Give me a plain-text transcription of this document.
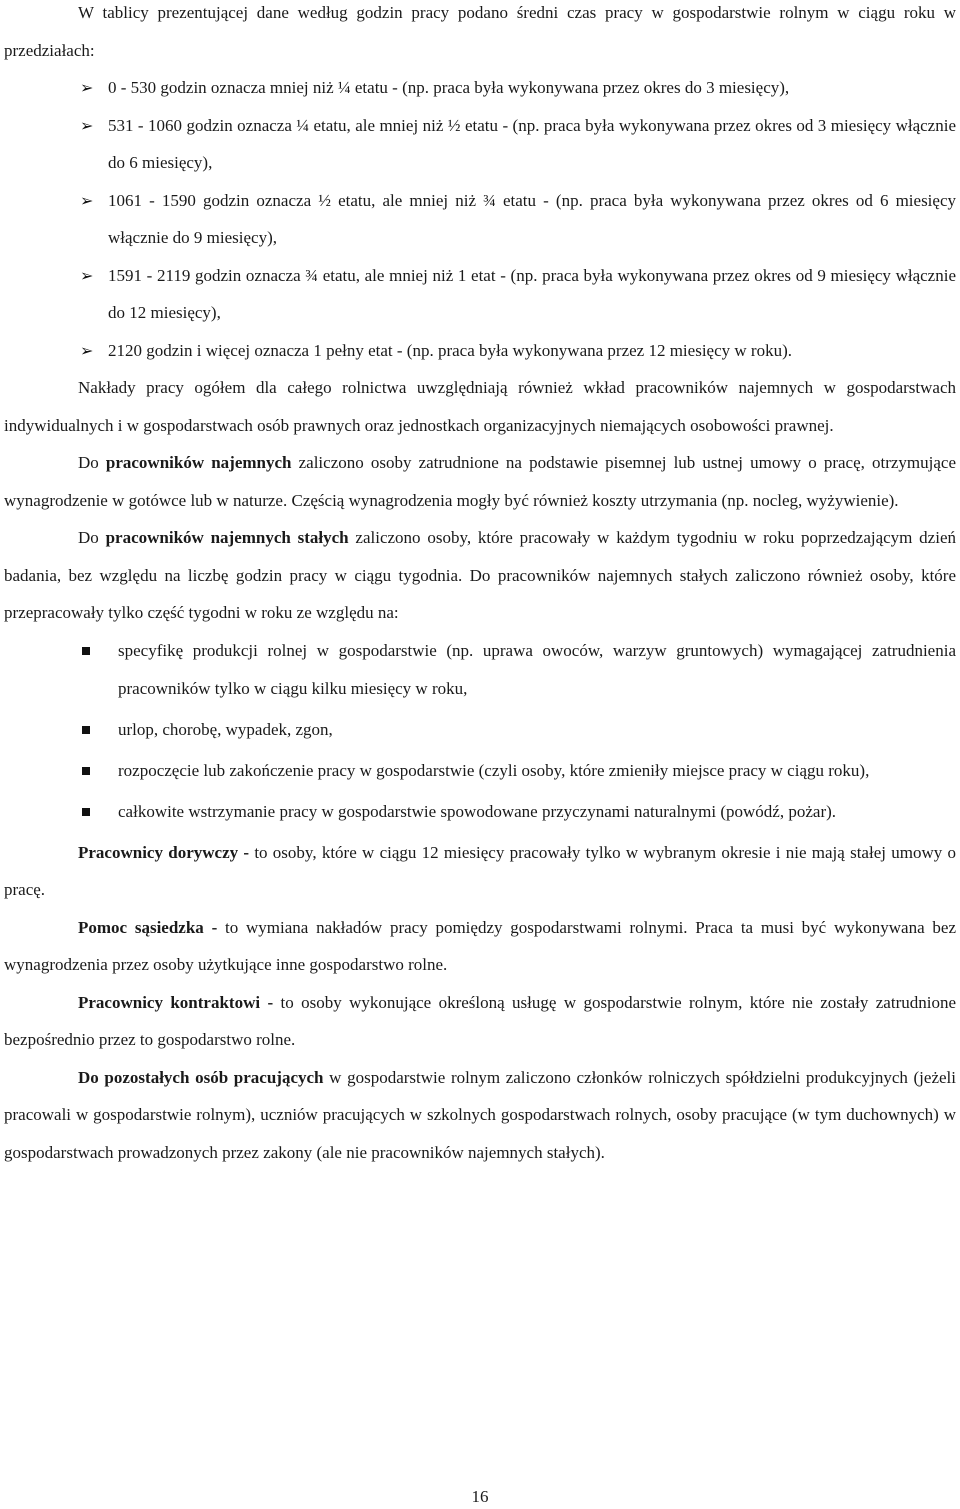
W tablicy prezentującej dane według godzin pracy podano średni czas pracy w gospodarstwie rolnym w ciągu roku w przedziałach:

➢ 0 - 530 godzin oznacza mniej niż ¼ etatu - (np. praca była wykonywana przez okres do 3 miesięcy),
➢ 531 - 1060 godzin oznacza ¼ etatu, ale mniej niż ½ etatu - (np. praca była wykonywana przez okres od 3 miesięcy włącznie do 6 miesięcy),
➢ 1061 - 1590 godzin oznacza ½ etatu, ale mniej niż ¾ etatu - (np. praca była wykonywana przez okres od 6 miesięcy włącznie do 9 miesięcy),
➢ 1591 - 2119 godzin oznacza ¾ etatu, ale mniej niż 1 etat - (np. praca była wykonywana przez okres od 9 miesięcy włącznie do 12 miesięcy),
➢ 2120 godzin i więcej oznacza 1 pełny etat - (np. praca była wykonywana przez 12 miesięcy w roku).

Nakłady pracy ogółem dla całego rolnictwa uwzględniają również wkład pracowników najemnych w gospodarstwach indywidualnych i w gospodarstwach osób prawnych oraz jednostkach organizacyjnych niemających osobowości prawnej.

Do pracowników najemnych zaliczono osoby zatrudnione na podstawie pisemnej lub ustnej umowy o pracę, otrzymujące wynagrodzenie w gotówce lub w naturze. Częścią wynagrodzenia mogły być również koszty utrzymania (np. nocleg, wyżywienie).

Do pracowników najemnych stałych zaliczono osoby, które pracowały w każdym tygodniu w roku poprzedzającym dzień badania, bez względu na liczbę godzin pracy w ciągu tygodnia. Do pracowników najemnych stałych zaliczono również osoby, które przepracowały tylko część tygodni w roku ze względu na:

specyfikę produkcji rolnej w gospodarstwie (np. uprawa owoców, warzyw gruntowych) wymagającej zatrudnienia pracowników tylko w ciągu kilku miesięcy w roku,
urlop, chorobę, wypadek, zgon,
rozpoczęcie lub zakończenie pracy w gospodarstwie (czyli osoby, które zmieniły miejsce pracy w ciągu roku),
całkowite wstrzymanie pracy w gospodarstwie spowodowane przyczynami naturalnymi (powódź, pożar).

Pracownicy dorywczy - to osoby, które w ciągu 12 miesięcy pracowały tylko w wybranym okresie i nie mają stałej umowy o pracę.

Pomoc sąsiedzka - to wymiana nakładów pracy pomiędzy gospodarstwami rolnymi. Praca ta musi być wykonywana bez wynagrodzenia przez osoby użytkujące inne gospodarstwo rolne.

Pracownicy kontraktowi - to osoby wykonujące określoną usługę w gospodarstwie rolnym, które nie zostały zatrudnione bezpośrednio przez to gospodarstwo rolne.

Do pozostałych osób pracujących w gospodarstwie rolnym zaliczono członków rolniczych spółdzielni produkcyjnych (jeżeli pracowali w gospodarstwie rolnym), uczniów pracujących w szkolnych gospodarstwach rolnych, osoby pracujące (w tym duchownych) w gospodarstwach prowadzonych przez zakony (ale nie pracowników najemnych stałych).

16
